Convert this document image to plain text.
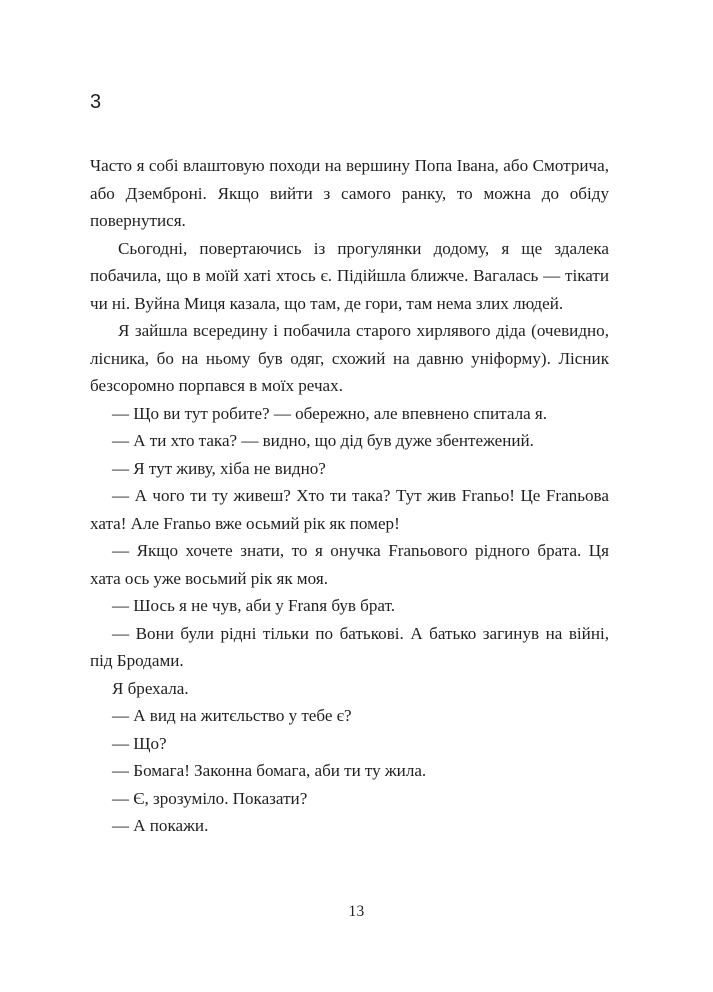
3

Часто я собі влаштовую походи на вершину Попа Івана, або Смотрича, або Дземброні. Якщо вийти з самого ранку, то можна до обіду повернутися.

Сьогодні, повертаючись із прогулянки додому, я ще здалека побачила, що в моїй хаті хтось є. Підійшла ближче. Вагалась — тікати чи ні. Вуйна Миця казала, що там, де гори, там нема злих людей.

Я зайшла всередину і побачила старого хирлявого діда (очевидно, лісника, бо на ньому був одяг, схожий на давню уніформу). Лісник безсоромно порпався в моїх речах.

— Що ви тут робите? — обережно, але впевнено спитала я.

— А ти хто така? — видно, що дід був дуже збентежений.

— Я тут живу, хіба не видно?

— А чого ти ту живеш? Хто ти така? Тут жив Franьо! Це Franьова хата! Але Franьо вже осьмий рік як помер!

— Якщо хочете знати, то я онучка Franьового рідного брата. Ця хата ось уже восьмий рік як моя.

— Шось я не чув, аби у Franя був брат.

— Вони були рідні тільки по батькові. А батько загинув на війні, під Бродами.

Я брехала.

— А вид на житєльство у тебе є?

— Що?

— Бомага! Законна бомага, аби ти ту жила.

— Є, зрозуміло. Показати?

— А покажи.

13
